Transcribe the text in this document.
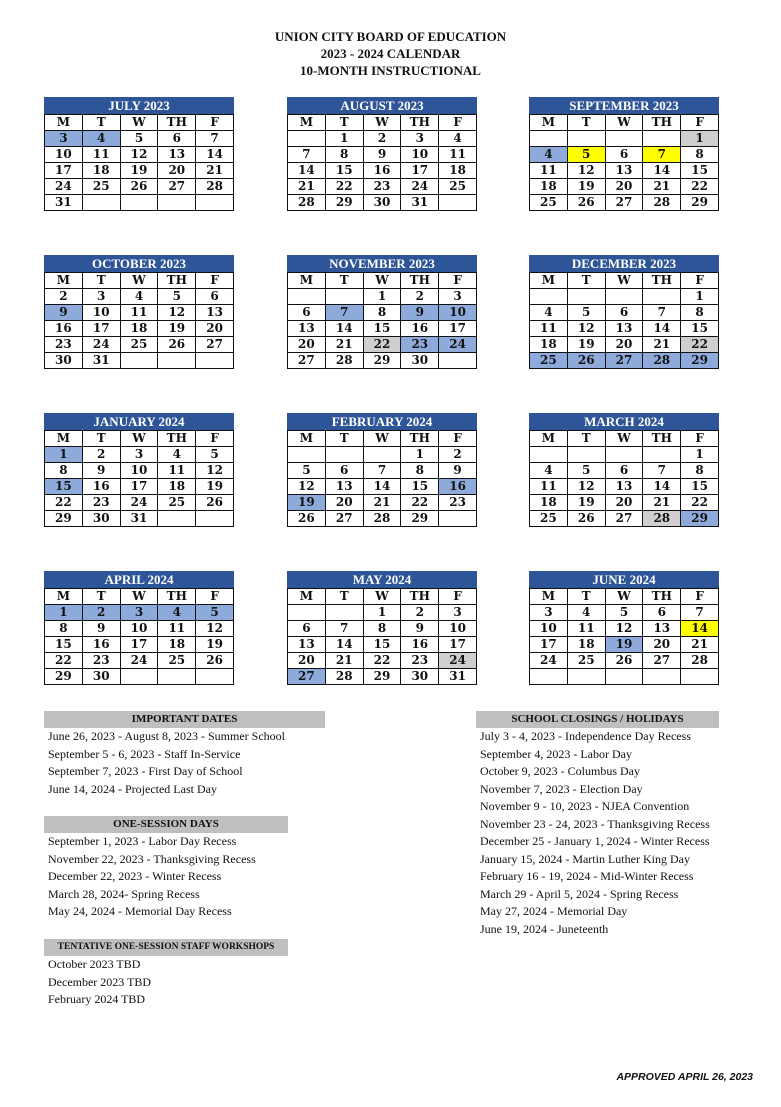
UNION CITY BOARD OF EDUCATION
2023 - 2024 CALENDAR
10-MONTH INSTRUCTIONAL
JULY 2023
M	T	W	TH	F
3	4	5	6	7
10	11	12	13	14
17	18	19	20	21
24	25	26	27	28
31				
AUGUST 2023
M	T	W	TH	F
	1	2	3	4
7	8	9	10	11
14	15	16	17	18
21	22	23	24	25
28	29	30	31	
SEPTEMBER 2023
M	T	W	TH	F
				1
4	5	6	7	8
11	12	13	14	15
18	19	20	21	22
25	26	27	28	29
OCTOBER 2023
M	T	W	TH	F
2	3	4	5	6
9	10	11	12	13
16	17	18	19	20
23	24	25	26	27
30	31			
NOVEMBER 2023
M	T	W	TH	F
		1	2	3
6	7	8	9	10
13	14	15	16	17
20	21	22	23	24
27	28	29	30	
DECEMBER 2023
M	T	W	TH	F
				1
4	5	6	7	8
11	12	13	14	15
18	19	20	21	22
25	26	27	28	29
JANUARY 2024
M	T	W	TH	F
1	2	3	4	5
8	9	10	11	12
15	16	17	18	19
22	23	24	25	26
29	30	31		
FEBRUARY 2024
M	T	W	TH	F
			1	2
5	6	7	8	9
12	13	14	15	16
19	20	21	22	23
26	27	28	29	
MARCH 2024
M	T	W	TH	F
				1
4	5	6	7	8
11	12	13	14	15
18	19	20	21	22
25	26	27	28	29
APRIL 2024
M	T	W	TH	F
1	2	3	4	5
8	9	10	11	12
15	16	17	18	19
22	23	24	25	26
29	30			
MAY 2024
M	T	W	TH	F
		1	2	3
6	7	8	9	10
13	14	15	16	17
20	21	22	23	24
27	28	29	30	31
JUNE 2024
M	T	W	TH	F
3	4	5	6	7
10	11	12	13	14
17	18	19	20	21
24	25	26	27	28

IMPORTANT DATES
June 26, 2023 - August 8, 2023 - Summer School
September 5 - 6, 2023 - Staff In-Service
September 7, 2023 - First Day of School
June 14, 2024 - Projected Last Day
ONE-SESSION DAYS
September 1, 2023 - Labor Day Recess
November 22, 2023 - Thanksgiving Recess
December 22, 2023 - Winter Recess
March 28, 2024- Spring Recess
May 24, 2024 - Memorial Day Recess
TENTATIVE ONE-SESSION STAFF WORKSHOPS
October 2023 TBD
December 2023 TBD
February 2024 TBD
SCHOOL CLOSINGS / HOLIDAYS
July 3 - 4, 2023 - Independence Day Recess
September 4, 2023 - Labor Day
October 9, 2023 - Columbus Day
November 7, 2023 - Election Day
November 9 - 10, 2023 - NJEA Convention
November 23 - 24, 2023 - Thanksgiving Recess
December 25 - January 1, 2024 - Winter Recess
January 15, 2024 - Martin Luther King Day
February 16 - 19, 2024 - Mid-Winter Recess
March 29 - April 5, 2024 - Spring Recess
May 27, 2024 - Memorial Day
June 19, 2024 - Juneteenth
APPROVED APRIL 26, 2023
